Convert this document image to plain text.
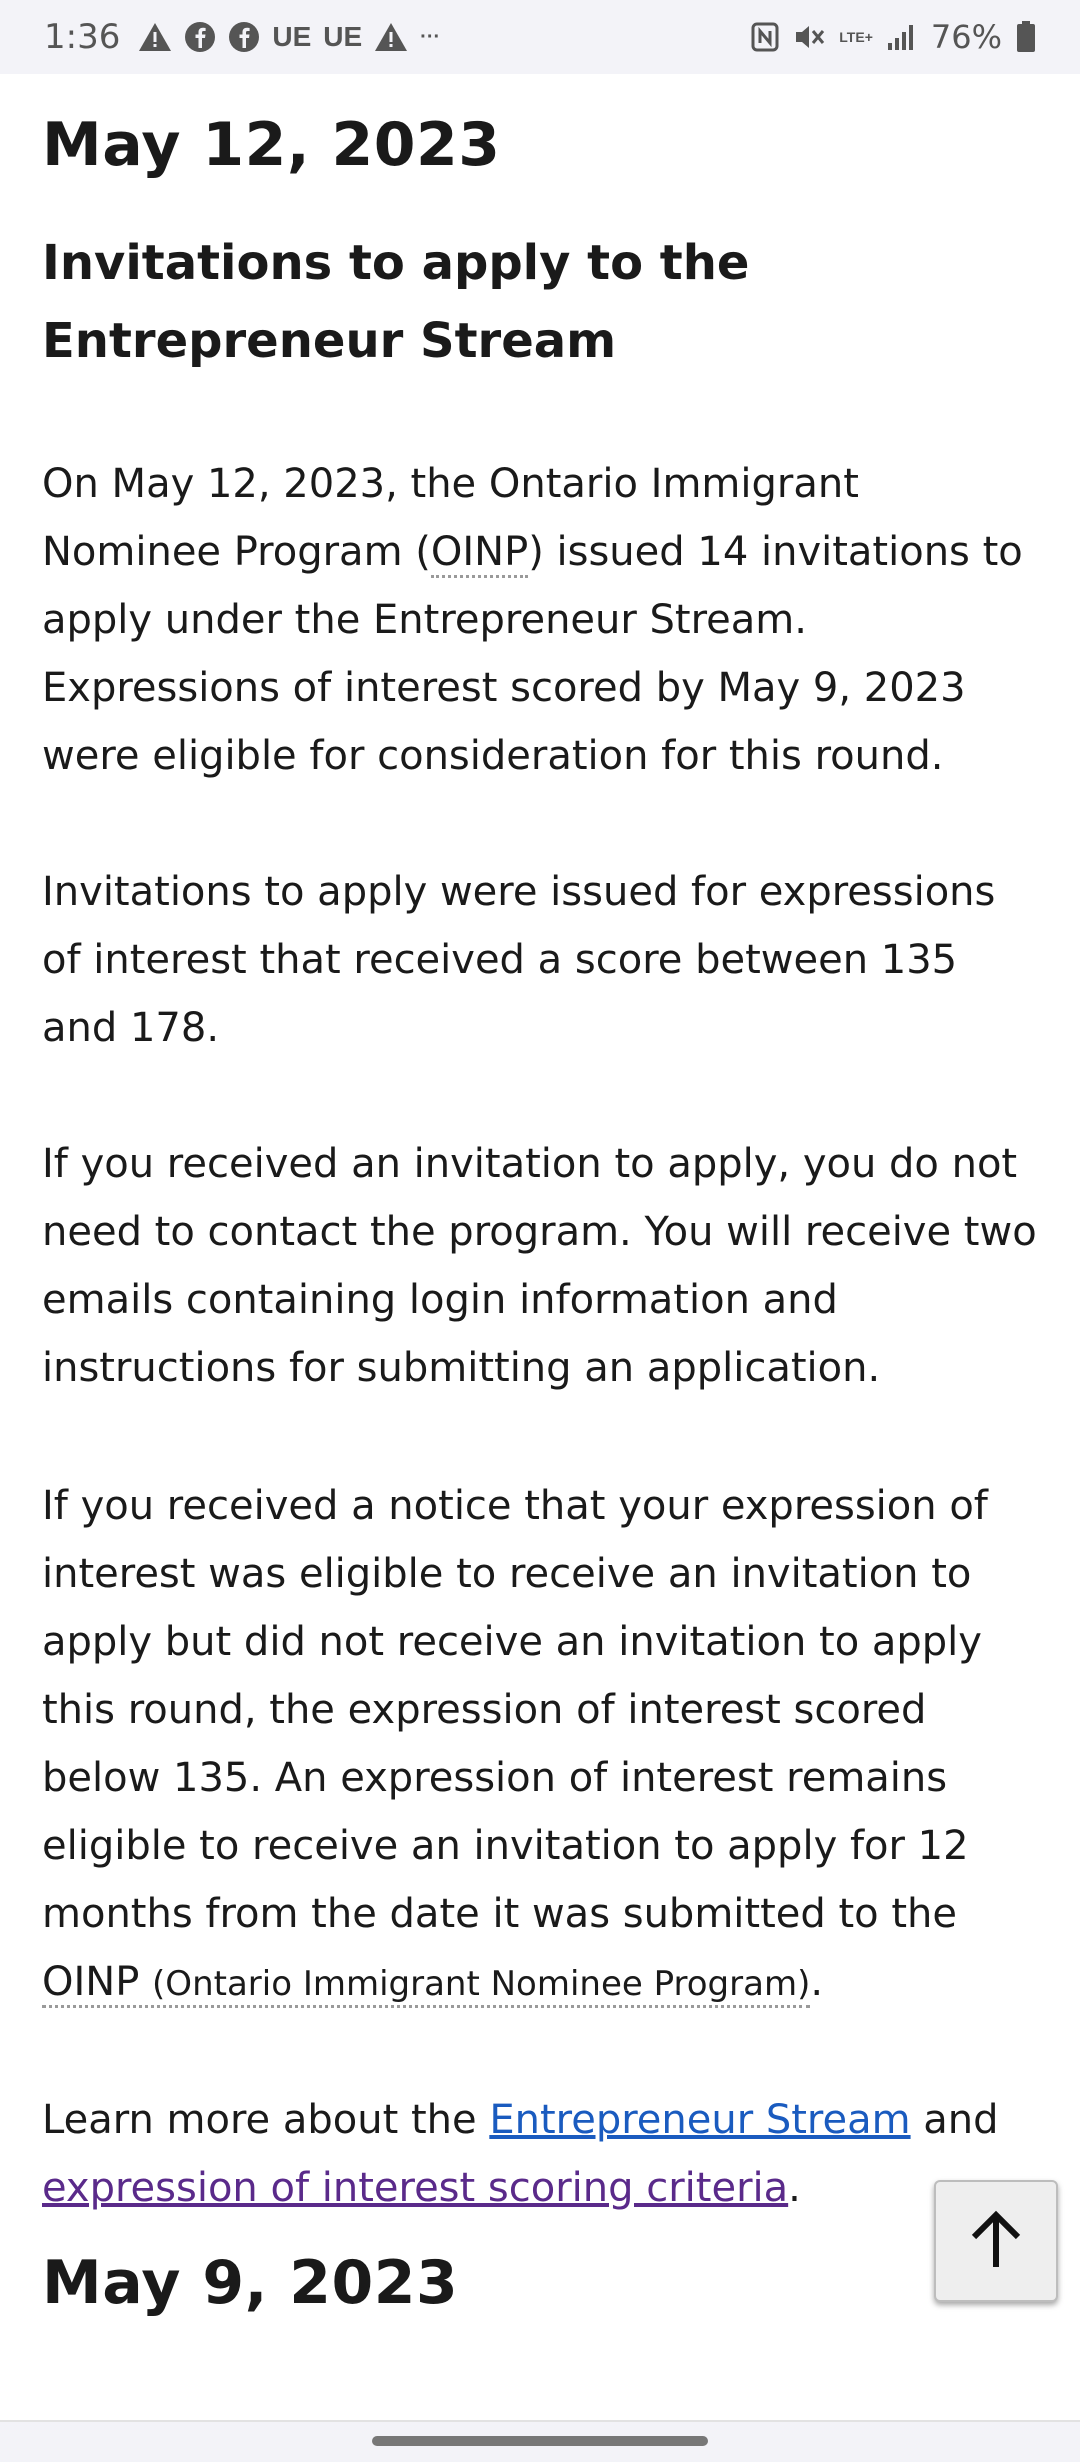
1:36	UE UE	···	LTE+ 76%
May 12, 2023
Invitations to apply to the Entrepreneur Stream

On May 12, 2023, the Ontario Immigrant Nominee Program (OINP) issued 14 invitations to apply under the Entrepreneur Stream. Expressions of interest scored by May 9, 2023 were eligible for consideration for this round.

Invitations to apply were issued for expressions of interest that received a score between 135 and 178.

If you received an invitation to apply, you do not need to contact the program. You will receive two emails containing login information and instructions for submitting an application.

If you received a notice that your expression of interest was eligible to receive an invitation to apply but did not receive an invitation to apply this round, the expression of interest scored below 135. An expression of interest remains eligible to receive an invitation to apply for 12 months from the date it was submitted to the OINP (Ontario Immigrant Nominee Program).

Learn more about the Entrepreneur Stream and expression of interest scoring criteria.

May 9, 2023
